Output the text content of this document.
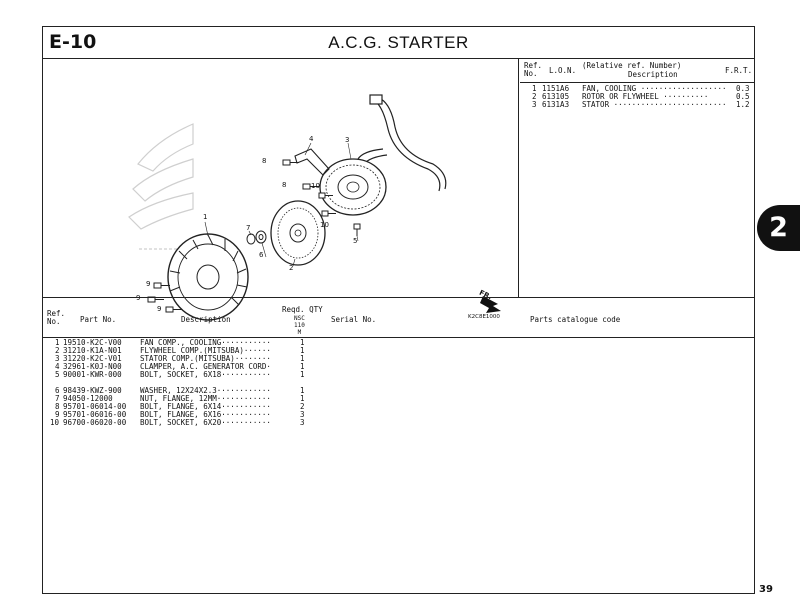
E-10	A.C.G. STARTER
1
2
3
4
5
6
7
8
8
9
9
9
10
10
FR.
K2C8E1000
Ref.
No.	L.O.N.
(Relative ref. Number)
Description	F.R.T.
1 1151A6 FAN, COOLING ··················· 0.3
2 613105 ROTOR OR FLYWHEEL ··········	0.5
3 6131A3 STATOR ························· 1.2
Ref.
No.	Part No.	Description
Reqd. QTY
NSC
110
M
Serial No.	Parts catalogue code
1 19510-K2C-V00 FAN COMP., COOLING···········	1
2 31210-K1A-N01 FLYWHEEL COMP.(MITSUBA)······	1
3 31220-K2C-V01 STATOR COMP.(MITSUBA)········	1
4 32961-K0J-N00 CLAMPER, A.C. GENERATOR CORD·	1
5 90001-KWR-000 BOLT, SOCKET, 6X18···········	1
6 98439-KWZ-900 WASHER, 12X24X2.3············	1
7 94050-12000	NUT, FLANGE, 12MM············	1
8 95701-06014-00 BOLT, FLANGE, 6X14···········	2
9 95701-06016-00 BOLT, FLANGE, 6X16···········	3
10 96700-06020-00 BOLT, SOCKET, 6X20···········	3
2
39
